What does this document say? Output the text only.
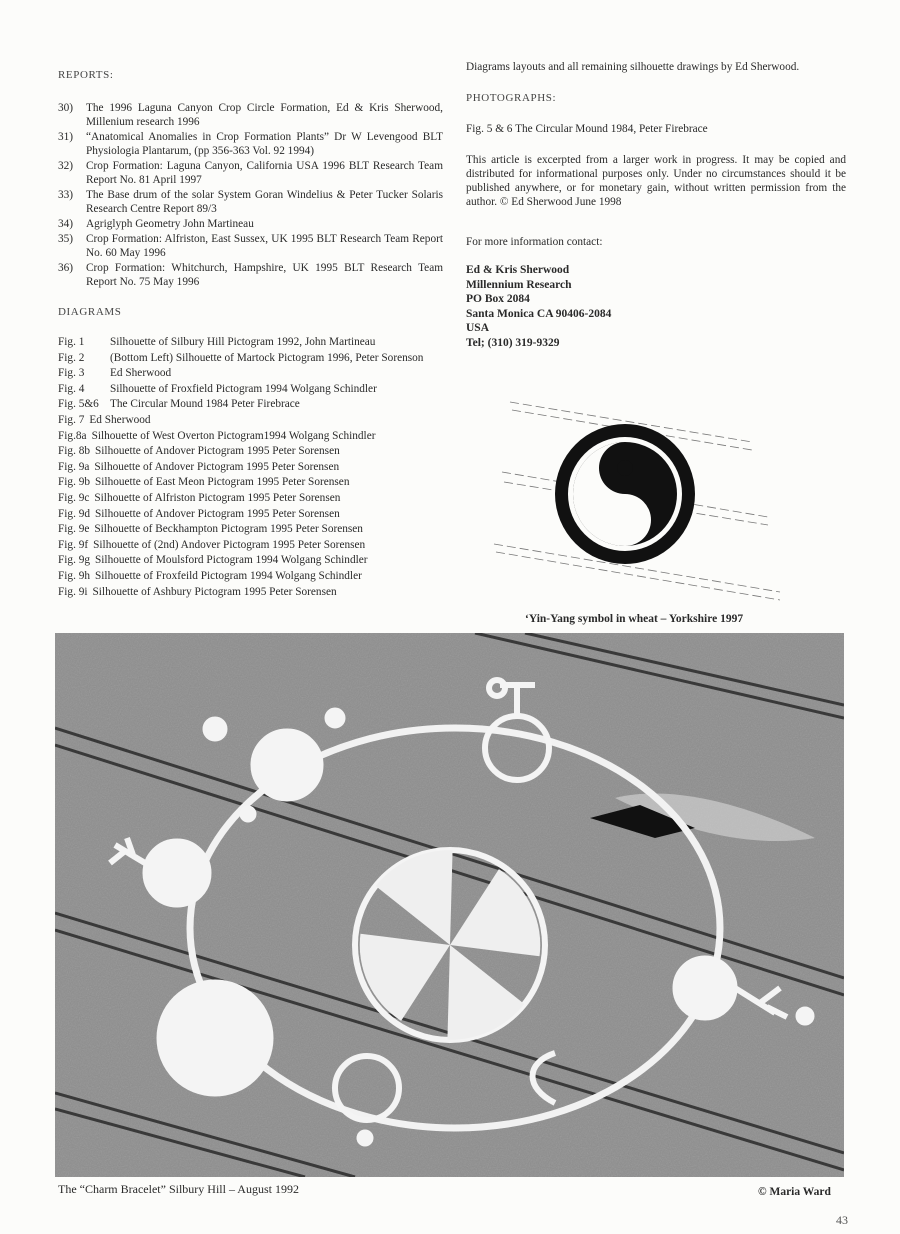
REPORTS:

30)	The 1996 Laguna Canyon Crop Circle Formation, Ed & Kris Sherwood, Millenium research 1996
31)	“Anatomical Anomalies in Crop Formation Plants” Dr W Levengood BLT Physiologia Plantarum, (pp 356-363 Vol. 92 1994)
32)	Crop Formation: Laguna Canyon, California USA 1996 BLT Research Team Report No. 81 April 1997
33)	The Base drum of the solar System Goran Windelius & Peter Tucker Solaris Research Centre Report 89/3
34)	Agriglyph Geometry John Martineau
35)	Crop Formation: Alfriston, East Sussex, UK 1995 BLT Research Team Report No. 60 May 1996
36)	Crop Formation: Whitchurch, Hampshire, UK 1995 BLT Research Team Report No. 75 May 1996

DIAGRAMS

Fig. 1	Silhouette of Silbury Hill Pictogram 1992, John Martineau
Fig. 2	(Bottom Left) Silhouette of Martock Pictogram 1996, Peter Sorenson
Fig. 3	Ed Sherwood
Fig. 4	Silhouette of Froxfield Pictogram 1994 Wolgang Schindler
Fig. 5&6 The Circular Mound 1984 Peter Firebrace
Fig. 7 Ed Sherwood
Fig.8a Silhouette of West Overton Pictogram1994 Wolgang Schindler
Fig. 8b Silhouette of Andover Pictogram 1995 Peter Sorensen
Fig. 9a Silhouette of Andover Pictogram 1995 Peter Sorensen
Fig. 9b Silhouette of East Meon Pictogram 1995 Peter Sorensen
Fig. 9c Silhouette of Alfriston Pictogram 1995 Peter Sorensen
Fig. 9d Silhouette of Andover Pictogram 1995 Peter Sorensen
Fig. 9e Silhouette of Beckhampton Pictogram 1995 Peter Sorensen
Fig. 9f Silhouette of (2nd) Andover Pictogram 1995 Peter Sorensen
Fig. 9g Silhouette of Moulsford Pictogram 1994 Wolgang Schindler
Fig. 9h Silhouette of Froxfeild Pictogram 1994 Wolgang Schindler
Fig. 9i Silhouette of Ashbury Pictogram 1995 Peter Sorensen

Diagrams layouts and all remaining silhouette drawings by Ed Sherwood.

PHOTOGRAPHS:

Fig. 5 & 6 The Circular Mound 1984, Peter Firebrace

This article is excerpted from a larger work in progress. It may be copied and distributed for informational purposes only. Under no circumstances should it be published anywhere, or for monetary gain, without written permission from the author. © Ed Sherwood June 1998

For more information contact:

Ed & Kris Sherwood
Millennium Research
PO Box 2084
Santa Monica CA 90406-2084
USA
Tel; (310) 319-9329
‘Yin-Yang symbol in wheat – Yorkshire 1997
The “Charm Bracelet” Silbury Hill – August 1992	© Maria Ward
43
